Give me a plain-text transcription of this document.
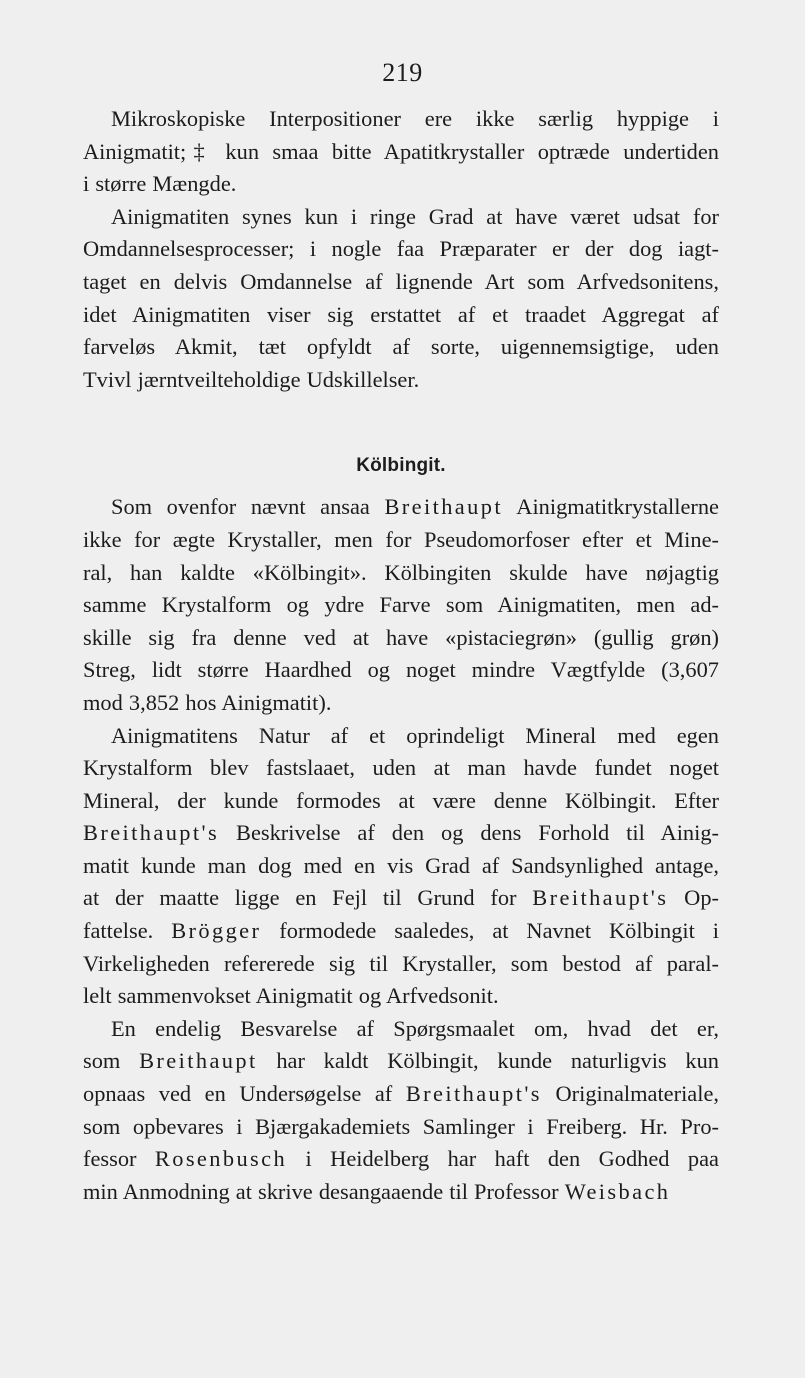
219

Mikroskopiske Interpositioner ere ikke særlig hyppige i
Ainigmatit;‡ kun smaa bitte Apatitkrystaller optræde undertiden
i større Mængde.

Ainigmatiten synes kun i ringe Grad at have været udsat for
Omdannelsesprocesser; i nogle faa Præparater er der dog iagt-
taget en delvis Omdannelse af lignende Art som Arfvedsonitens,
idet Ainigmatiten viser sig erstattet af et traadet Aggregat af
farveløs Akmit, tæt opfyldt af sorte, uigennemsigtige, uden
Tvivl jærntveilteholdige Udskillelser.

Kölbingit.

Som ovenfor nævnt ansaa Breithaupt Ainigmatitkrystallerne
ikke for ægte Krystaller, men for Pseudomorfoser efter et Mine-
ral, han kaldte «Kölbingit». Kölbingiten skulde have nøjagtig
samme Krystalform og ydre Farve som Ainigmatiten, men ad-
skille sig fra denne ved at have «pistaciegrøn» (gullig grøn)
Streg, lidt større Haardhed og noget mindre Vægtfylde (3,607
mod 3,852 hos Ainigmatit).

Ainigmatitens Natur af et oprindeligt Mineral med egen
Krystalform blev fastslaaet, uden at man havde fundet noget
Mineral, der kunde formodes at være denne Kölbingit. Efter
Breithaupt's Beskrivelse af den og dens Forhold til Ainig-
matit kunde man dog med en vis Grad af Sandsynlighed antage,
at der maatte ligge en Fejl til Grund for Breithaupt's Op-
fattelse. Brögger formodede saaledes, at Navnet Kölbingit i
Virkeligheden refererede sig til Krystaller, som bestod af paral-
lelt sammenvokset Ainigmatit og Arfvedsonit.

En endelig Besvarelse af Spørgsmaalet om, hvad det er,
som Breithaupt har kaldt Kölbingit, kunde naturligvis kun
opnaas ved en Undersøgelse af Breithaupt's Originalmateriale,
som opbevares i Bjærgakademiets Samlinger i Freiberg. Hr. Pro-
fessor Rosenbusch i Heidelberg har haft den Godhed paa
min Anmodning at skrive desangaaende til Professor Weisbach
